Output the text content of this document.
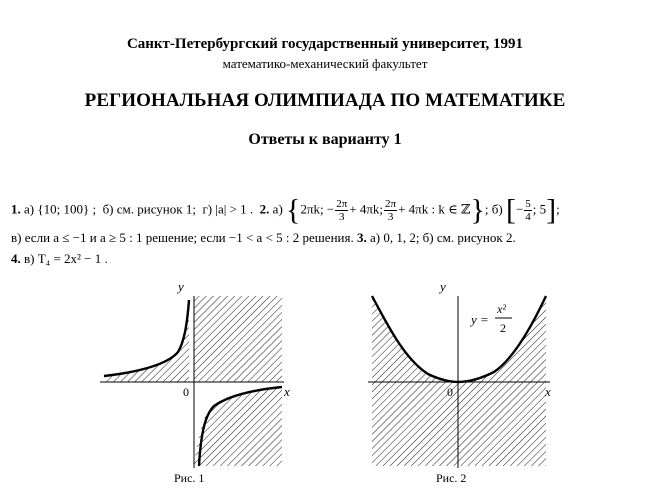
Санкт-Петербургский государственный университет, 1991
математико-механический факультет
РЕГИОНАЛЬНАЯ ОЛИМПИАДА ПО МАТЕМАТИКЕ
Ответы к варианту 1
1. а) {10; 100} ; б) см. рисунок 1; г) |a| > 1 . 2. а) {2πk; − $\frac{2\pi}{3} + 4\pi k$; $\frac{2\pi}{3} + 4\pi k$ : k ∈ ℤ}; б) [− $\frac{5}{4}$ ; 5];
в) если a ≤ −1 и a ≥ 5 : 1 решение; если −1 < a < 5 : 2 решения. 3. а) 0, 1, 2; б) см. рисунок 2.
4. в) T₄ = 2x² − 1 .
y
x
0
Рис. 1
y
x
0
y =
x²
2
Рис. 2
